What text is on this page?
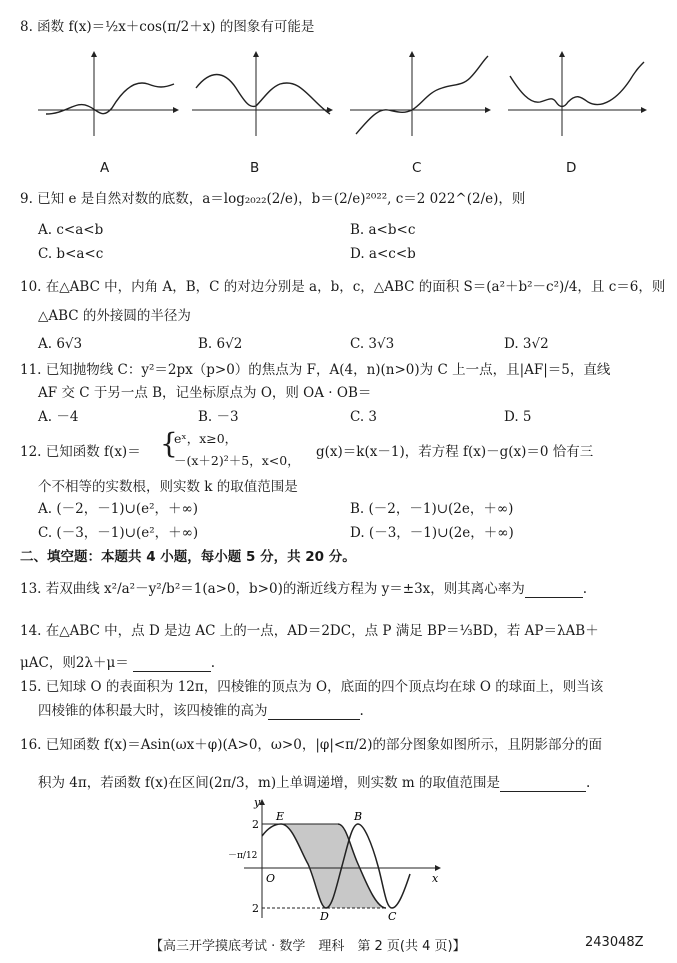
8. 函数 f(x)＝½x＋cos(π/2＋x) 的图象有可能是
A	B	C	D
9. 已知 e 是自然对数的底数，a＝log₂₀₂₂(2/e)，b＝(2/e)²⁰²², c＝2 022^(2/e)，则
A. c<a<b	B. a<b<c
C. b<a<c	D. a<c<b
10. 在△ABC 中，内角 A，B，C 的对边分别是 a，b，c，△ABC 的面积 S＝(a²＋b²－c²)/4，且 c＝6，则
△ABC 的外接圆的半径为
A. 6√3	B. 6√2	C. 3√3	D. 3√2
11. 已知抛物线 C：y²＝2px（p>0）的焦点为 F，A(4，n)(n>0)为 C 上一点，且|AF|＝5，直线
AF 交 C 于另一点 B，记坐标原点为 O，则 OA · OB＝
A. －4	B. －3	C. 3	D. 5
12. 已知函数 f(x)＝ {
eˣ，x≥0，
－(x＋2)²＋5，x<0，
g(x)＝k(x－1)，若方程 f(x)－g(x)＝0 恰有三
个不相等的实数根，则实数 k 的取值范围是
A. (－2，－1)∪(e²，＋∞)	B. (－2，－1)∪(2e，＋∞)
C. (－3，－1)∪(e²，＋∞)	D. (－3，－1)∪(2e，＋∞)
二、填空题：本题共 4 小题，每小题 5 分，共 20 分。
13. 若双曲线 x²/a²－y²/b²＝1(a>0，b>0)的渐近线方程为 y＝±3x，则其离心率为	.
14. 在△ABC 中，点 D 是边 AC 上的一点，AD＝2DC，点 P 满足 BP＝⅓BD，若 AP＝λAB＋
μAC，则2λ＋μ＝	.
15. 已知球 O 的表面积为 12π，四棱锥的顶点为 O，底面的四个顶点均在球 O 的球面上，则当该
四棱锥的体积最大时，该四棱锥的高为	.
16. 已知函数 f(x)＝Asin(ωx＋φ)(A>0，ω>0，|φ|<π/2)的部分图象如图所示，且阴影部分的面
积为 4π，若函数 f(x)在区间(2π/3，m)上单调递增，则实数 m 的取值范围是	.
y
x
O
2
2
－π/12
E	B
D	C
【高三开学摸底考试 · 数学　理科　第 2 页(共 4 页)】	243048Z
